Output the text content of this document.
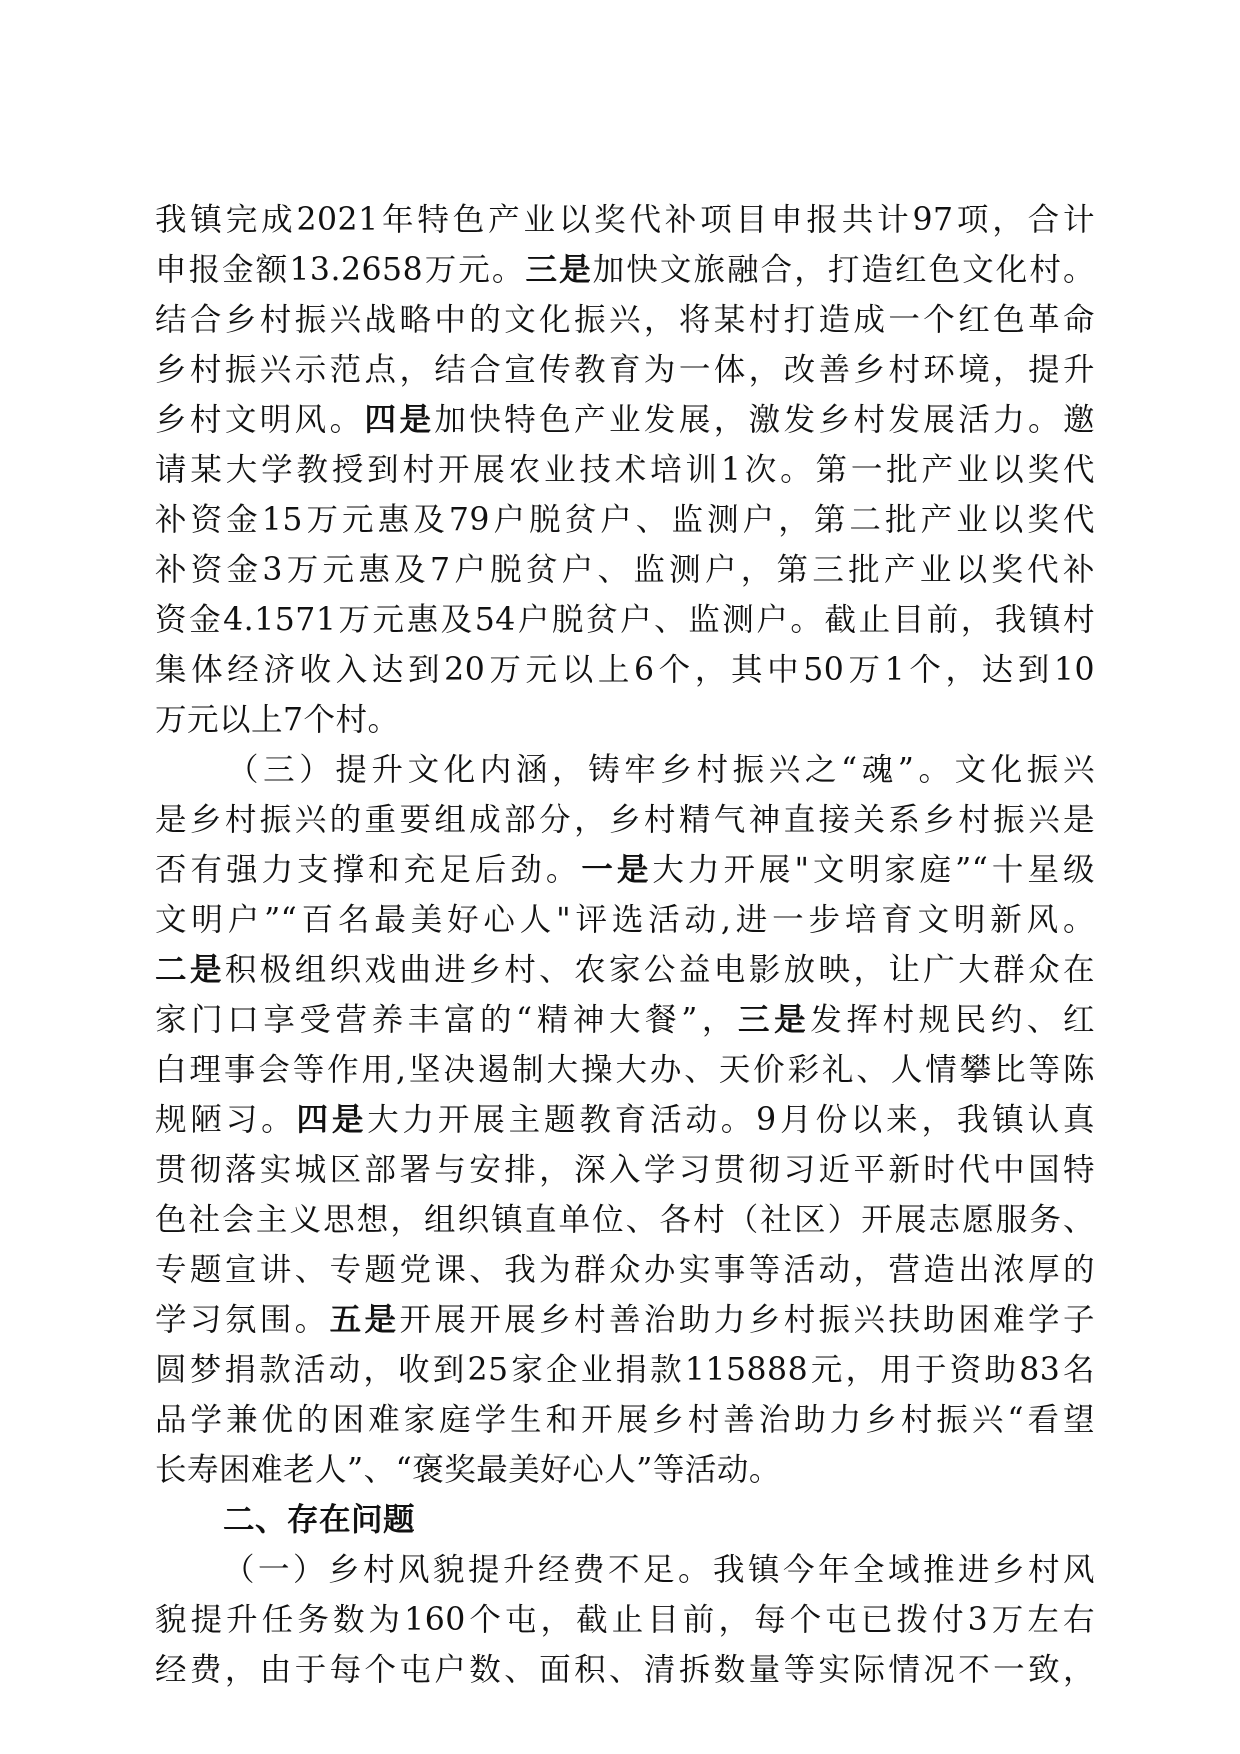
我镇完成2021年特色产业以奖代补项目申报共计97项，合计
申报金额13.2658万元。三是加快文旅融合，打造红色文化村。
结合乡村振兴战略中的文化振兴，将某村打造成一个红色革命
乡村振兴示范点，结合宣传教育为一体，改善乡村环境，提升
乡村文明风。四是加快特色产业发展，激发乡村发展活力。邀
请某大学教授到村开展农业技术培训1次。第一批产业以奖代
补资金15万元惠及79户脱贫户、监测户，第二批产业以奖代
补资金3万元惠及7户脱贫户、监测户，第三批产业以奖代补
资金4.1571万元惠及54户脱贫户、监测户。截止目前，我镇村
集体经济收入达到20万元以上6个，其中50万1个，达到10
万元以上7个村。
（三）提升文化内涵，铸牢乡村振兴之“魂”。文化振兴
是乡村振兴的重要组成部分，乡村精气神直接关系乡村振兴是
否有强力支撑和充足后劲。一是大力开展"文明家庭”“十星级
文明户”“百名最美好心人"评选活动,进一步培育文明新风。
二是积极组织戏曲进乡村、农家公益电影放映，让广大群众在
家门口享受营养丰富的“精神大餐”，三是发挥村规民约、红
白理事会等作用,坚决遏制大操大办、天价彩礼、人情攀比等陈
规陋习。四是大力开展主题教育活动。9月份以来，我镇认真
贯彻落实城区部署与安排，深入学习贯彻习近平新时代中国特
色社会主义思想，组织镇直单位、各村（社区）开展志愿服务、
专题宣讲、专题党课、我为群众办实事等活动，营造出浓厚的
学习氛围。五是开展开展乡村善治助力乡村振兴扶助困难学子
圆梦捐款活动，收到25家企业捐款115888元，用于资助83名
品学兼优的困难家庭学生和开展乡村善治助力乡村振兴“看望
长寿困难老人”、“褒奖最美好心人”等活动。
二、存在问题
（一）乡村风貌提升经费不足。我镇今年全域推进乡村风
貌提升任务数为160个屯，截止目前，每个屯已拨付3万左右
经费，由于每个屯户数、面积、清拆数量等实际情况不一致，
